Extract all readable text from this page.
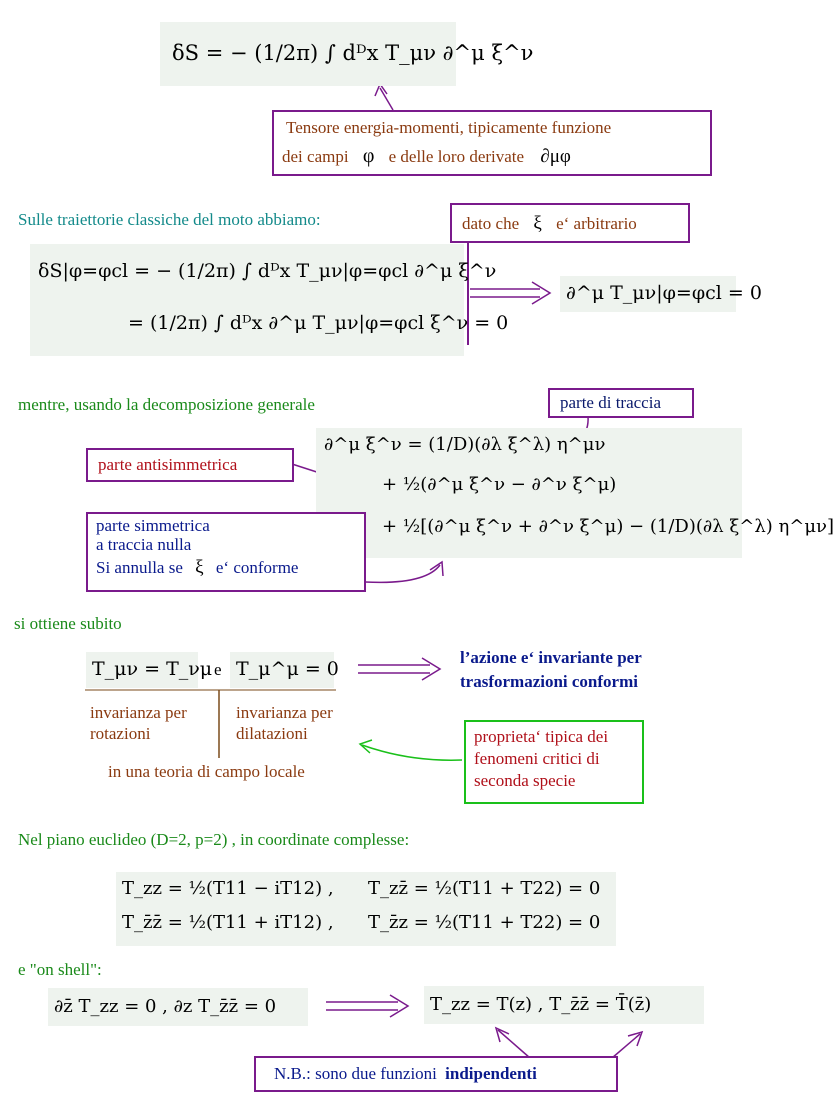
δS = − (1/2π) ∫ dᴰx T_μν ∂^μ ξ^ν
Tensore energia-momenti, tipicamente funzione
dei campi φ e delle loro derivate ∂μφ
Sulle traiettorie classiche del moto abbiamo:	dato che ξ e‘ arbitrario
δS|φ=φcl = − (1/2π) ∫ dᴰx T_μν|φ=φcl ∂^μ ξ^ν
= (1/2π) ∫ dᴰx ∂^μ T_μν|φ=φcl ξ^ν = 0
∂^μ T_μν|φ=φcl = 0
mentre, usando la decomposizione generale	parte di traccia
parte antisimmetrica
∂^μ ξ^ν = (1/D)(∂λ ξ^λ) η^μν
+ ½(∂^μ ξ^ν − ∂^ν ξ^μ)
+ ½[(∂^μ ξ^ν + ∂^ν ξ^μ) − (1/D)(∂λ ξ^λ) η^μν]
parte simmetrica
a traccia nulla
Si annulla se ξ e‘ conforme
si ottiene subito
T_μν = T_νμ e T_μ^μ = 0
l’azione e‘ invariante per
trasformazioni conformi
invarianza per
rotazioni
invarianza per
dilatazioni
in una teoria di campo locale
proprieta‘ tipica dei
fenomeni critici di
seconda specie
Nel piano euclideo (D=2, p=2) , in coordinate complesse:
T_zz = ½(T11 − iT12) , T_zz̄ = ½(T11 + T22) = 0
T_z̄z̄ = ½(T11 + iT12) , T_z̄z = ½(T11 + T22) = 0
e "on shell":
∂z̄ T_zz = 0 , ∂z T_z̄z̄ = 0	T_zz = T(z) , T_z̄z̄ = T̄(z̄)
N.B.: sono due funzioni indipendenti
